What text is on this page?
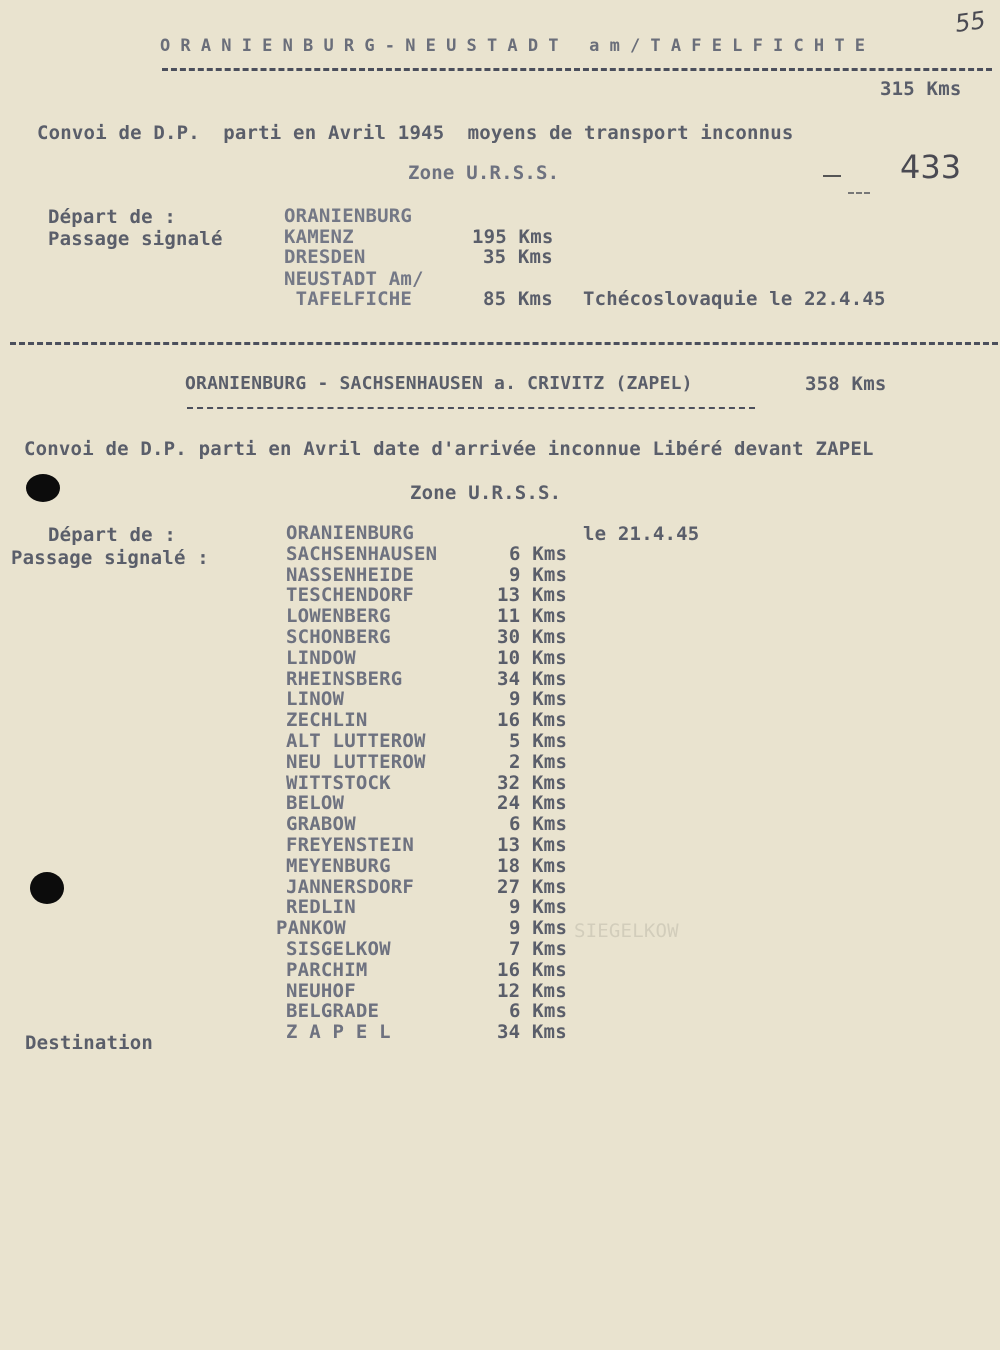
55
ORANIENBURG-NEUSTADT am/TAFELFICHTE
315 Kms
Convoi de D.P.  parti en Avril 1945  moyens de transport inconnus
Zone U.R.S.S.	433
Départ de :
Passage signalé
ORANIENBURG
KAMENZ	195 Kms
DRESDEN	35 Kms
NEUSTADT Am/
TAFELFICHE	85 Kms Tchécoslovaquie le 22.4.45
ORANIENBURG - SACHSENHAUSEN a. CRIVITZ (ZAPEL)	358 Kms
Convoi de D.P. parti en Avril date d'arrivée inconnue Libéré devant ZAPEL
Zone U.R.S.S.
Départ de :
Passage signalé :
le 21.4.45
ORANIENBURG
SACHSENHAUSEN	6 Kms
NASSENHEIDE	9 Kms
TESCHENDORF	13 Kms
LOWENBERG	11 Kms
SCHONBERG	30 Kms
LINDOW	10 Kms
RHEINSBERG	34 Kms
LINOW	9 Kms
ZECHLIN	16 Kms
ALT LUTTEROW	5 Kms
NEU LUTTEROW	2 Kms
WITTSTOCK	32 Kms
BELOW	24 Kms
GRABOW	6 Kms
FREYENSTEIN	13 Kms
MEYENBURG	18 Kms
JANNERSDORF	27 Kms
REDLIN	9 Kms
PANKOW	9 Kms
SISGELKOW	7 Kms
PARCHIM	16 Kms
NEUHOF	12 Kms
BELGRADE	6 Kms
Z A P E L	34 Kms
SIEGELKOW
Destination
